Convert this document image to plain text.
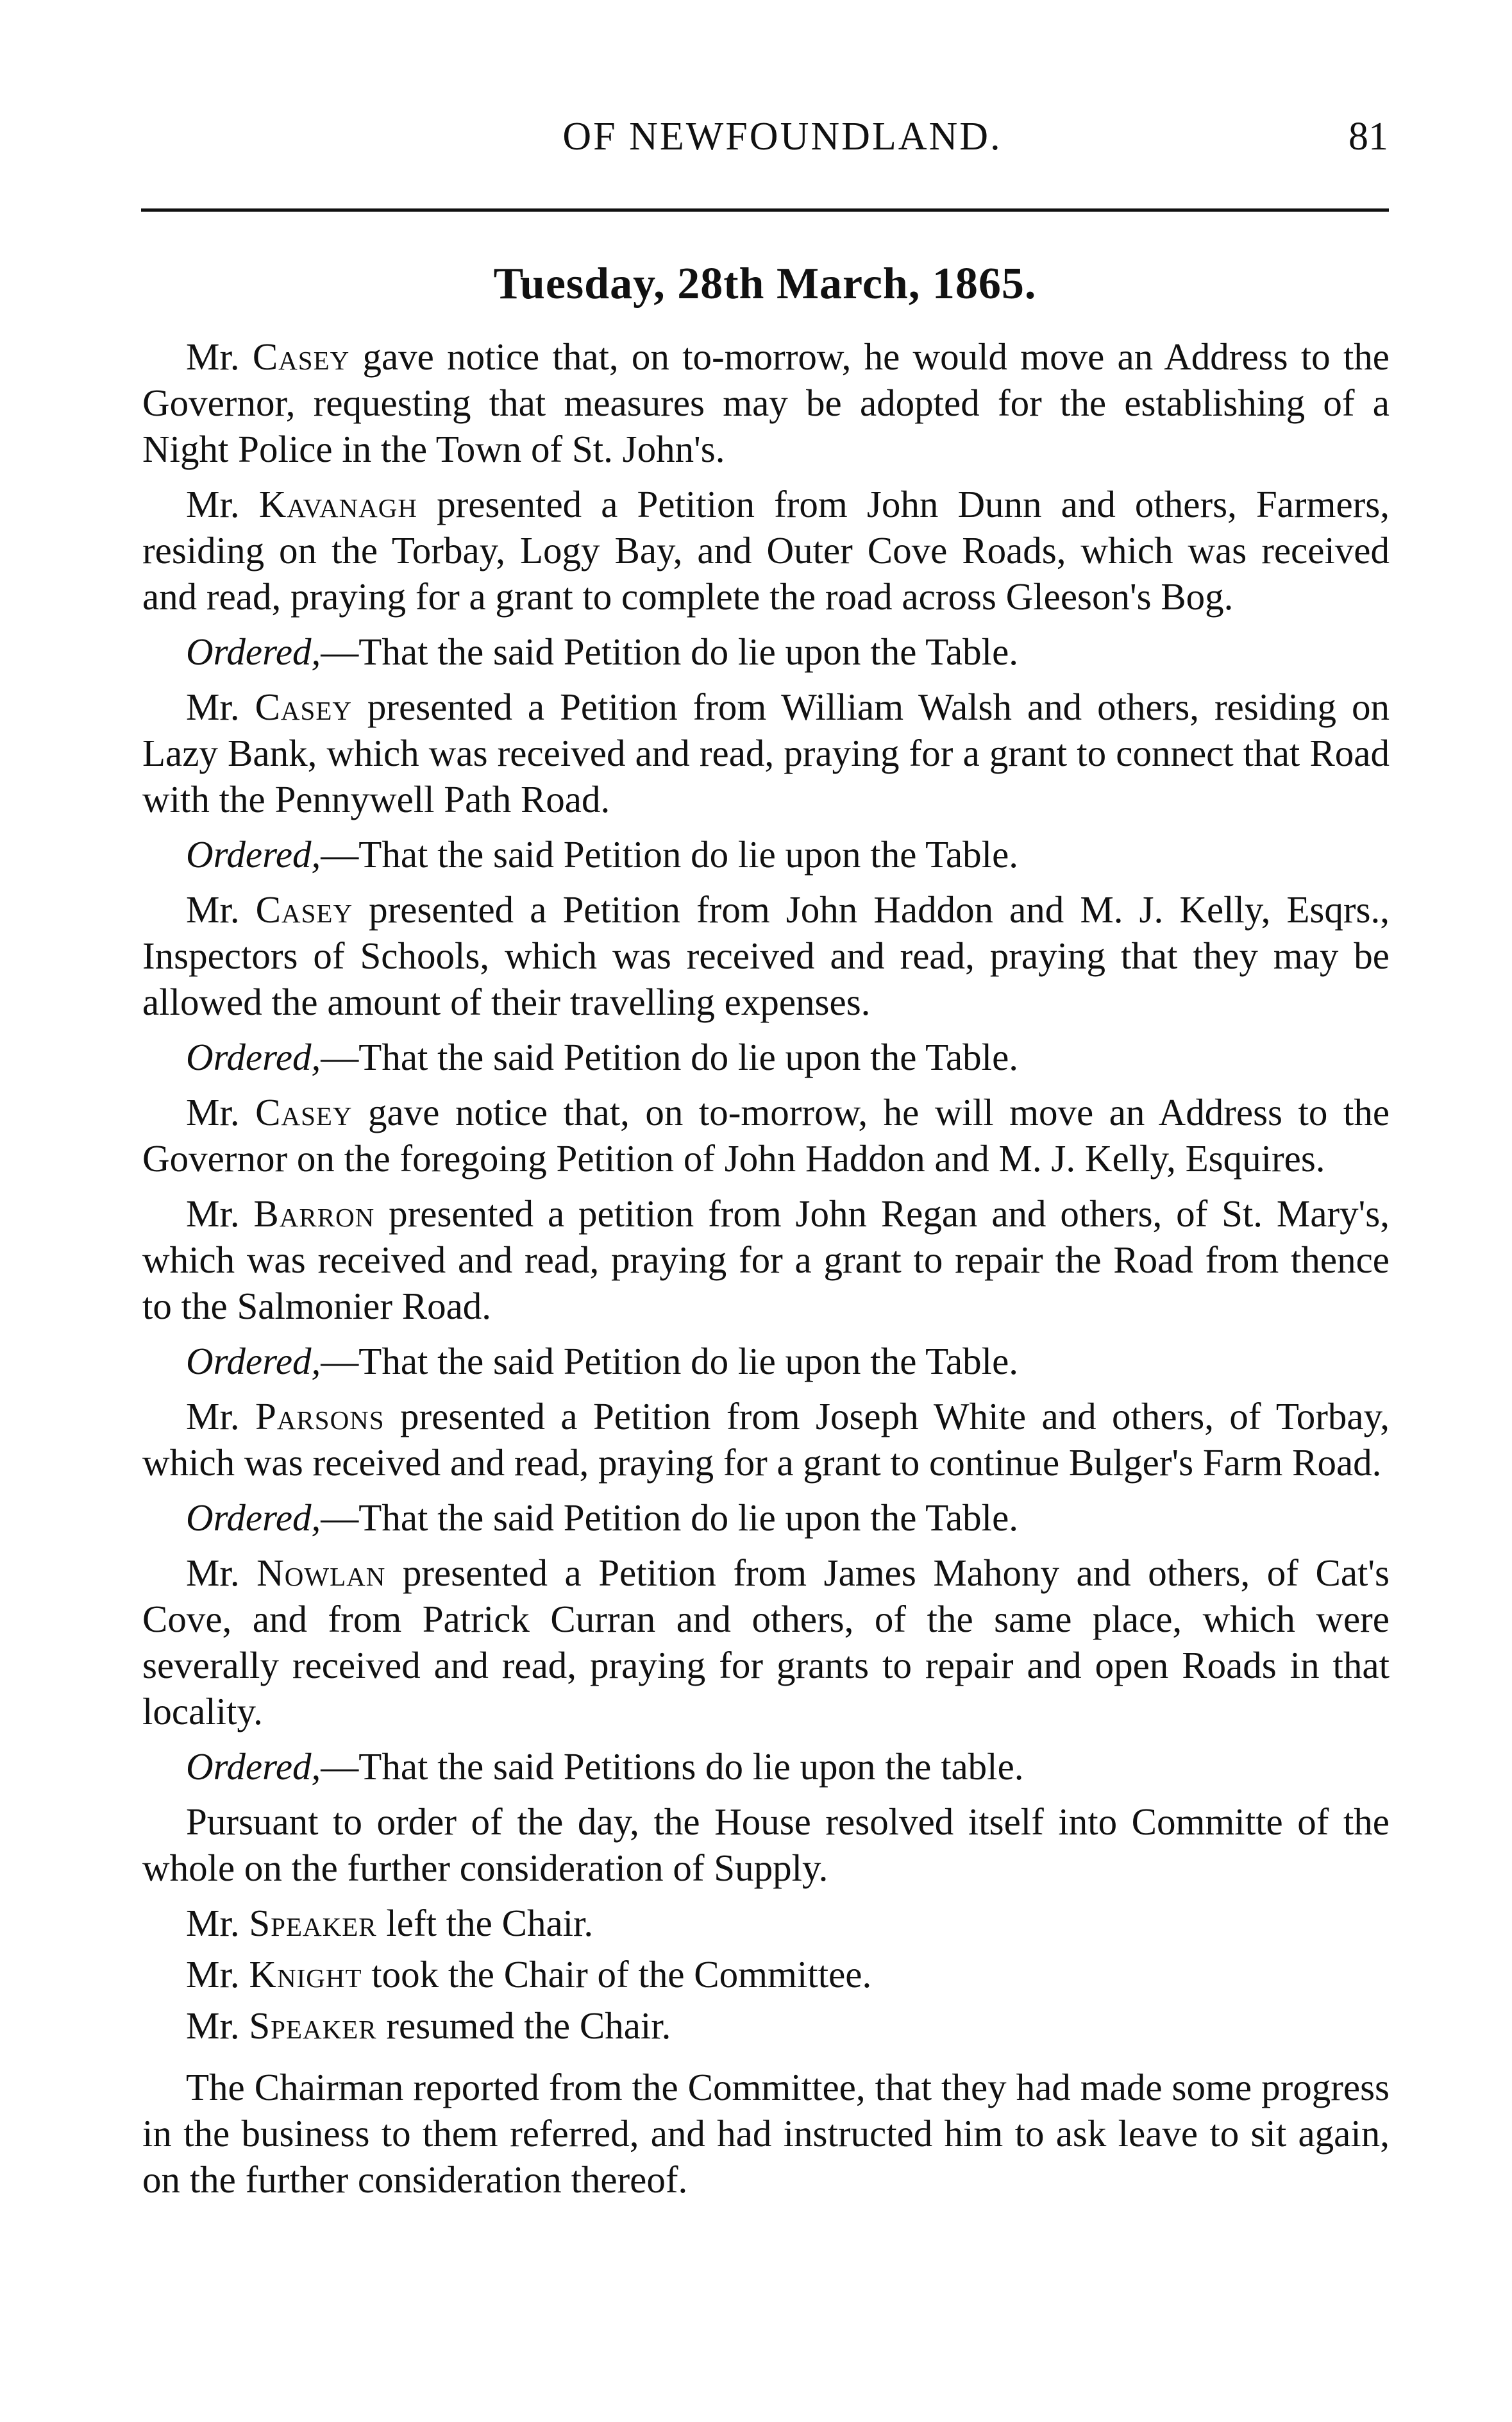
OF NEWFOUNDLAND.	81
Tuesday, 28th March, 1865.

Mr. Casey gave notice that, on to-morrow, he would move an Address to the Governor, requesting that measures may be adopted for the establishing of a Night Police in the Town of St. John's.

Mr. Kavanagh presented a Petition from John Dunn and others, Farmers, residing on the Torbay, Logy Bay, and Outer Cove Roads, which was received and read, praying for a grant to complete the road across Gleeson's Bog.

Ordered,—That the said Petition do lie upon the Table.

Mr. Casey presented a Petition from William Walsh and others, residing on Lazy Bank, which was received and read, praying for a grant to connect that Road with the Pennywell Path Road.

Ordered,—That the said Petition do lie upon the Table.

Mr. Casey presented a Petition from John Haddon and M. J. Kelly, Esqrs., Inspectors of Schools, which was received and read, praying that they may be allowed the amount of their travelling expenses.

Ordered,—That the said Petition do lie upon the Table.

Mr. Casey gave notice that, on to-morrow, he will move an Address to the Governor on the foregoing Petition of John Haddon and M. J. Kelly, Esquires.

Mr. Barron presented a petition from John Regan and others, of St. Mary's, which was received and read, praying for a grant to repair the Road from thence to the Salmonier Road.

Ordered,—That the said Petition do lie upon the Table.

Mr. Parsons presented a Petition from Joseph White and others, of Torbay, which was received and read, praying for a grant to continue Bulger's Farm Road.

Ordered,—That the said Petition do lie upon the Table.

Mr. Nowlan presented a Petition from James Mahony and others, of Cat's Cove, and from Patrick Curran and others, of the same place, which were severally received and read, praying for grants to repair and open Roads in that locality.

Ordered,—That the said Petitions do lie upon the table.

Pursuant to order of the day, the House resolved itself into Committe of the whole on the further consideration of Supply.

Mr. Speaker left the Chair.

Mr. Knight took the Chair of the Committee.

Mr. Speaker resumed the Chair.

The Chairman reported from the Committee, that they had made some progress in the business to them referred, and had instructed him to ask leave to sit again, on the further consideration thereof.
